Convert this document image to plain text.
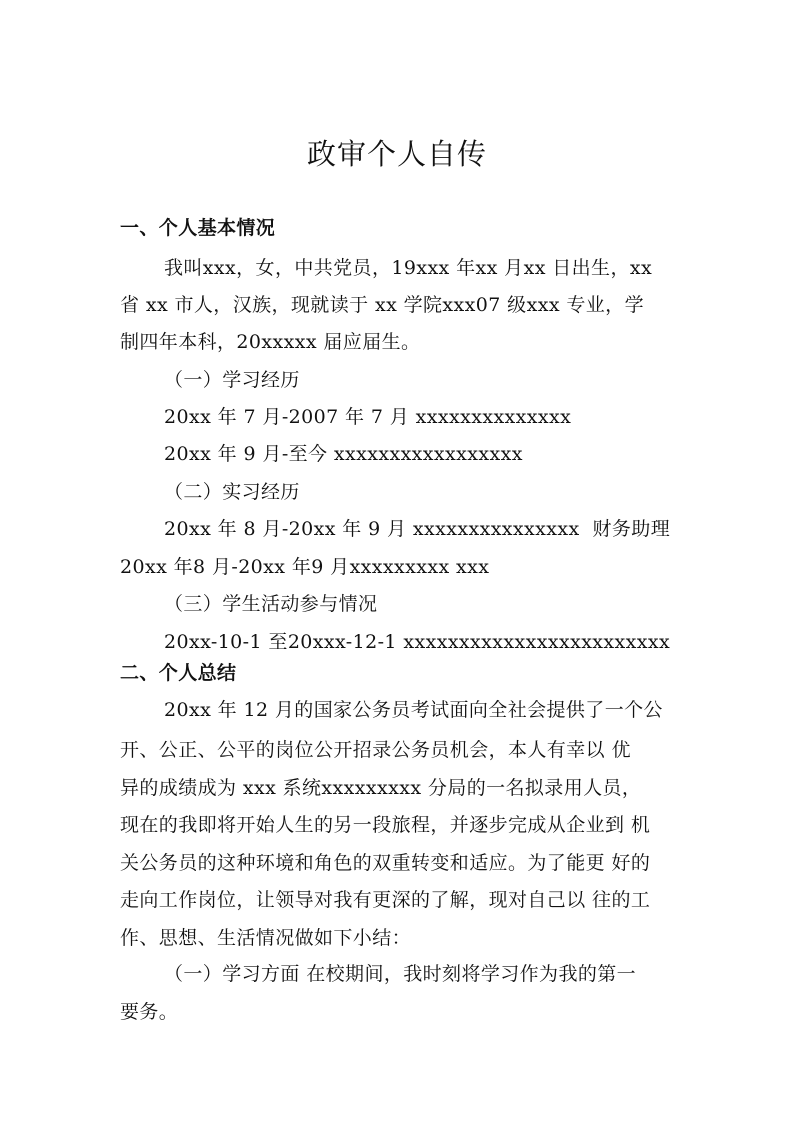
政审个人自传
一、个人基本情况
我叫xxx，女，中共党员，19xxx 年xx 月xx 日出生，xx
省 xx 市人，汉族，现就读于 xx 学院xxx07 级xxx 专业，学
制四年本科，20xxxxx 届应届生。
（一）学习经历
20xx 年 7 月-2007 年 7 月 xxxxxxxxxxxxxx
20xx 年 9 月-至今 xxxxxxxxxxxxxxxxx
（二）实习经历
20xx 年 8 月-20xx 年 9 月 xxxxxxxxxxxxxxx  财务助理
20xx 年8 月-20xx 年9 月xxxxxxxxx xxx
（三）学生活动参与情况
20xx-10-1 至20xxx-12-1 xxxxxxxxxxxxxxxxxxxxxxxx
二、个人总结
20xx 年 12 月的国家公务员考试面向全社会提供了一个公
开、公正、公平的岗位公开招录公务员机会，本人有幸以 优
异的成绩成为 xxx 系统xxxxxxxxx 分局的一名拟录用人员，
现在的我即将开始人生的另一段旅程，并逐步完成从企业到 机
关公务员的这种环境和角色的双重转变和适应。为了能更 好的
走向工作岗位，让领导对我有更深的了解，现对自己以 往的工
作、思想、生活情况做如下小结：
（一）学习方面 在校期间，我时刻将学习作为我的第一
要务。
